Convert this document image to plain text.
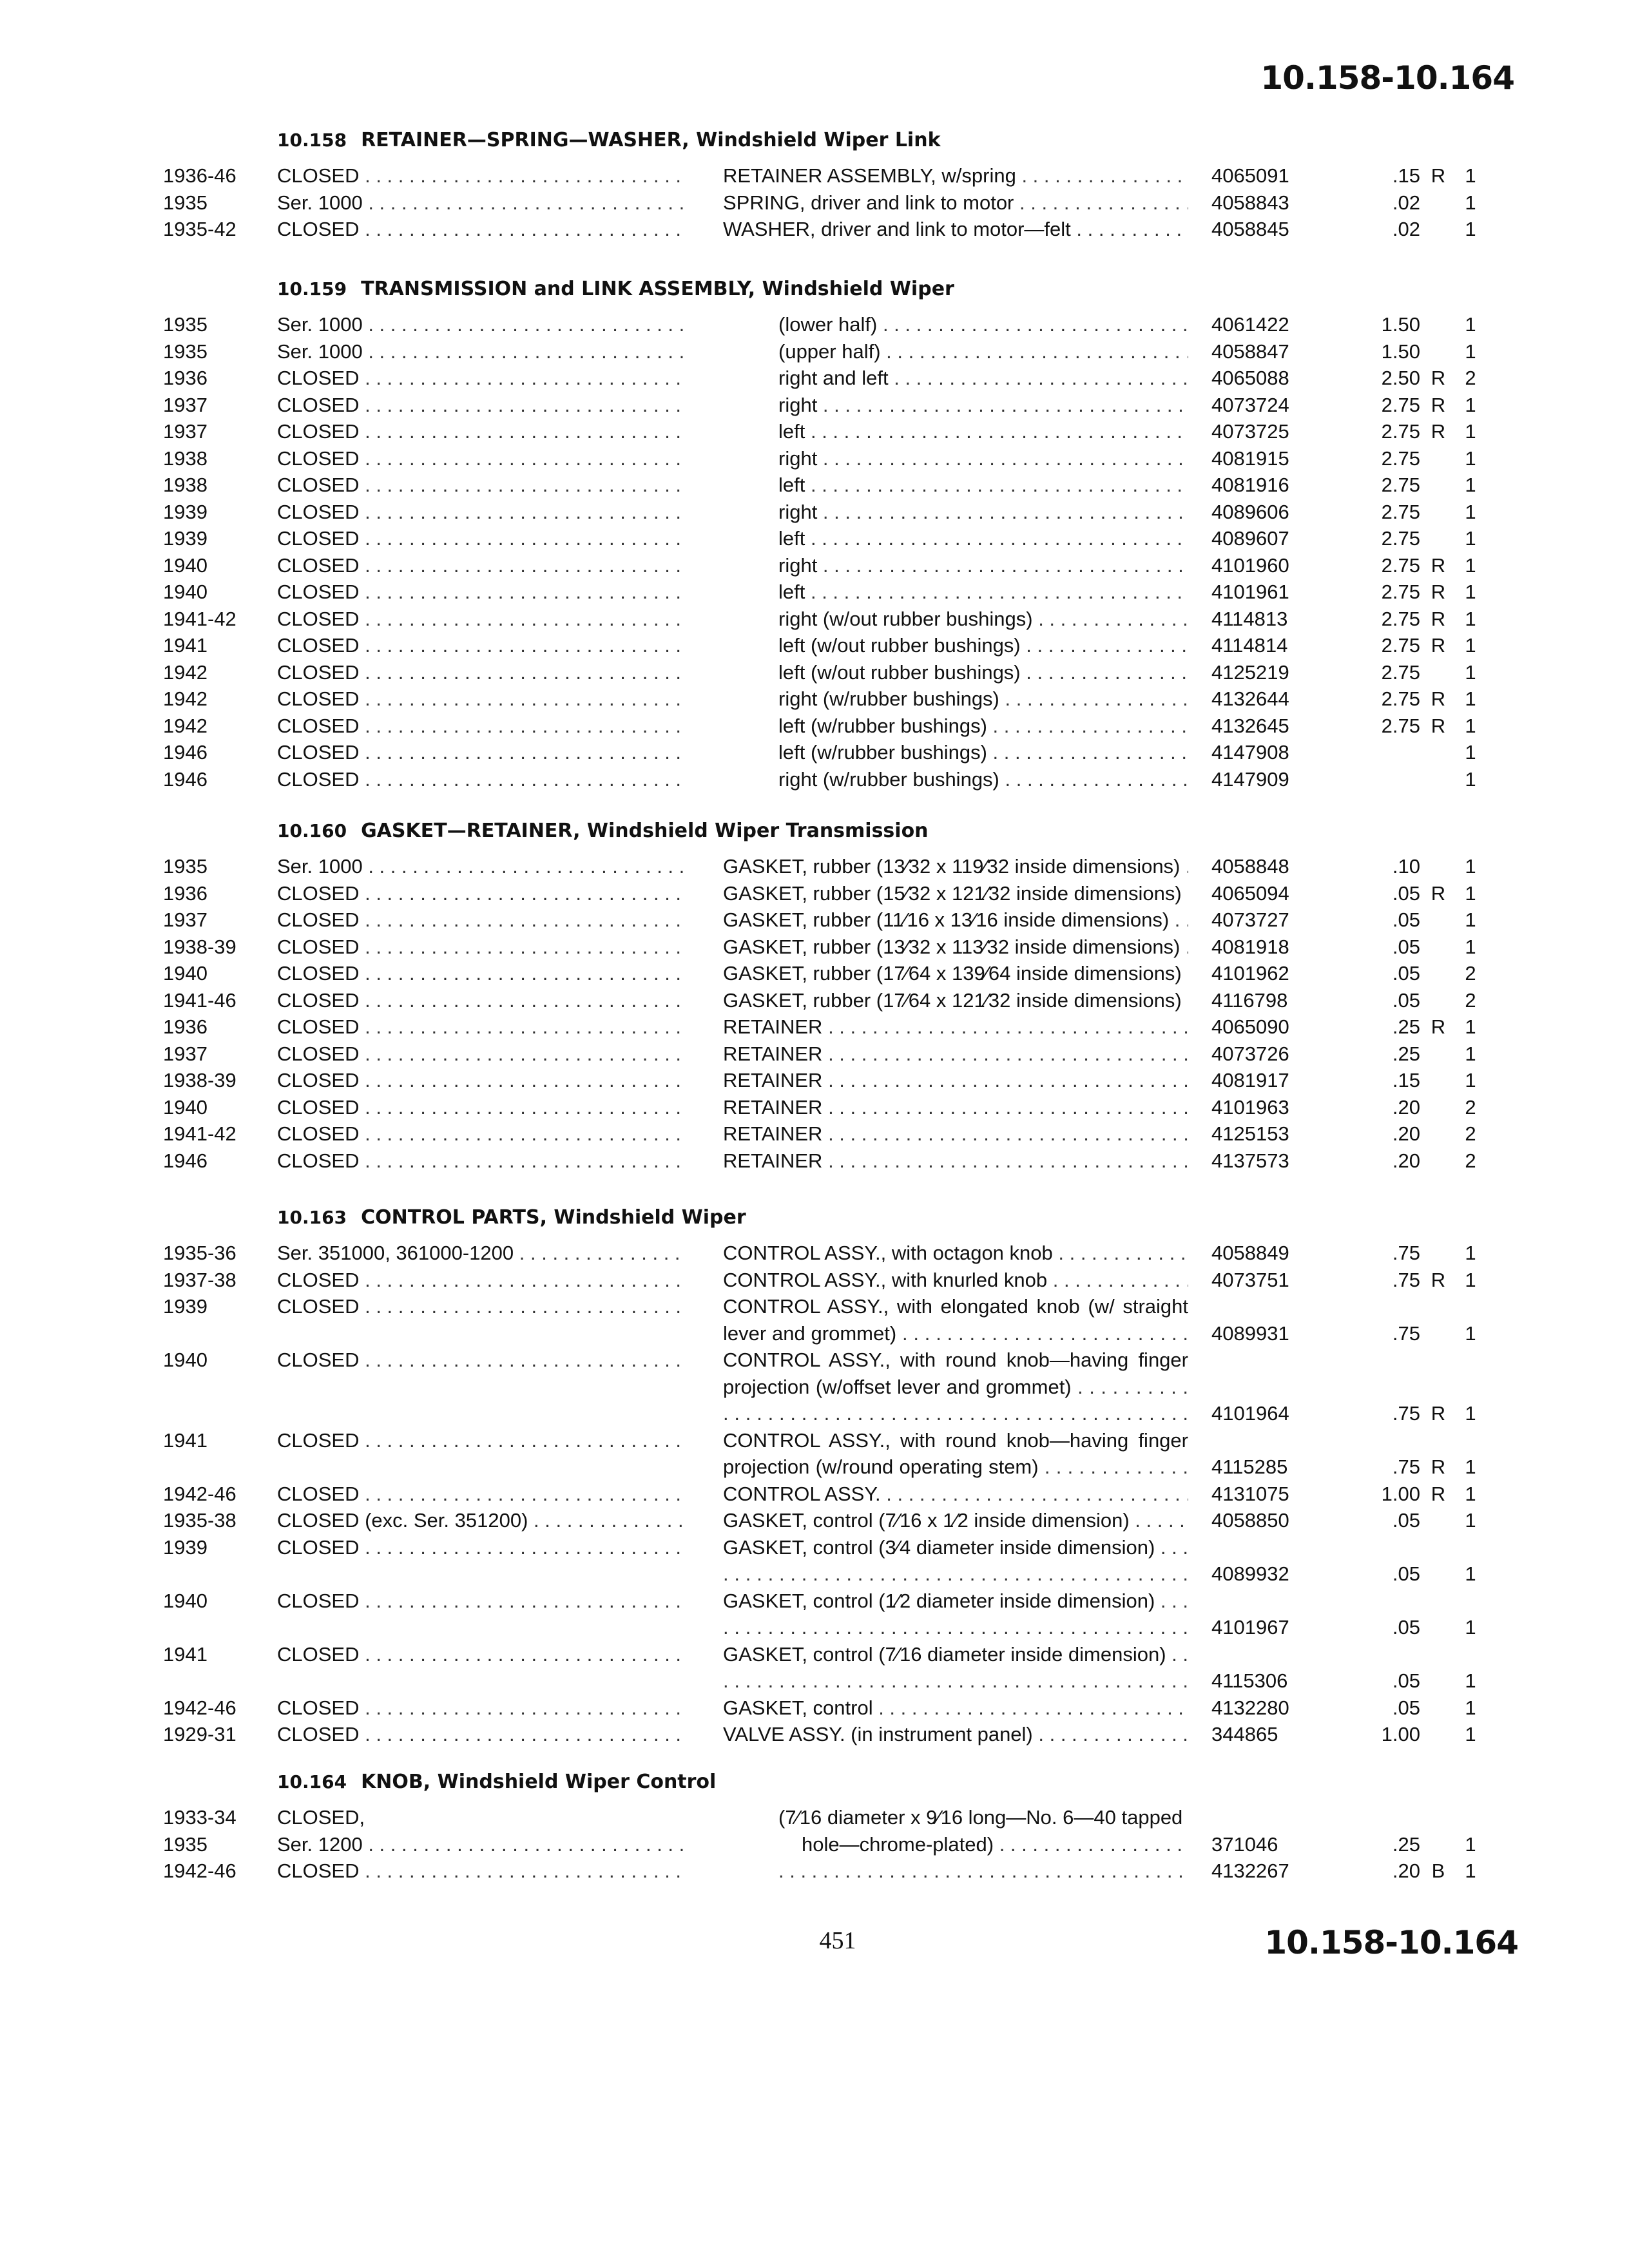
10.158-10.164
10.158 RETAINER—SPRING—WASHER, Windshield Wiper Link
1936-46	CLOSED . . .	RETAINER ASSEMBLY, w/spring . . .	4065091	.15 R 1
1935	Ser. 1000 . . .	SPRING, driver and link to motor . . .	4058843	.02	1
1935-42	CLOSED . . .	WASHER, driver and link to motor—felt . . .	4058845	.02	1
10.159 TRANSMISSION and LINK ASSEMBLY, Windshield Wiper
1935	Ser. 1000 . . .	(lower half) . . .	4061422	1.50	1
1935	Ser. 1000 . . .	(upper half) . . .	4058847	1.50	1
1936	CLOSED . . .	right and left . . .	4065088	2.50 R 2
1937	CLOSED . . .	right . . .	4073724	2.75 R 1
1937	CLOSED . . .	left . . .	4073725	2.75 R 1
1938	CLOSED . . .	right . . .	4081915	2.75	1
1938	CLOSED . . .	left . . .	4081916	2.75	1
1939	CLOSED . . .	right . . .	4089606	2.75	1
1939	CLOSED . . .	left . . .	4089607	2.75	1
1940	CLOSED . . .	right . . .	4101960	2.75 R 1
1940	CLOSED . . .	left . . .	4101961	2.75 R 1
1941-42	CLOSED . . .	right (w/out rubber bushings) . . .	4114813	2.75 R 1
1941	CLOSED . . .	left (w/out rubber bushings) . . .	4114814	2.75 R 1
1942	CLOSED . . .	left (w/out rubber bushings) . . .	4125219	2.75	1
1942	CLOSED . . .	right (w/rubber bushings) . . .	4132644	2.75 R 1
1942	CLOSED . . .	left (w/rubber bushings) . . .	4132645	2.75 R 1
1946	CLOSED . . .	left (w/rubber bushings) . . .	4147908	1
1946	CLOSED . . .	right (w/rubber bushings) . . .	4147909	1
10.160 GASKET—RETAINER, Windshield Wiper Transmission
1935	Ser. 1000 . . .	GASKET, rubber (13⁄32 x 119⁄32 inside dimensions) . . .	4058848	.10	1
1936	CLOSED . . .	GASKET, rubber (15⁄32 x 121⁄32 inside dimensions) . . .	4065094	.05 R 1
1937	CLOSED . . .	GASKET, rubber (11⁄16 x 13⁄16 inside dimensions) . . .	4073727	.05	1
1938-39	CLOSED . . .	GASKET, rubber (13⁄32 x 113⁄32 inside dimensions) . . .	4081918	.05	1
1940	CLOSED . . .	GASKET, rubber (17⁄64 x 139⁄64 inside dimensions) . . .	4101962	.05	2
1941-46	CLOSED . . .	GASKET, rubber (17⁄64 x 121⁄32 inside dimensions) . . .	4116798	.05	2
1936	CLOSED . . .	RETAINER . . .	4065090	.25 R 1
1937	CLOSED . . .	RETAINER . . .	4073726	.25	1
1938-39	CLOSED . . .	RETAINER . . .	4081917	.15	1
1940	CLOSED . . .	RETAINER . . .	4101963	.20	2
1941-42	CLOSED . . .	RETAINER . . .	4125153	.20	2
1946	CLOSED . . .	RETAINER . . .	4137573	.20	2
10.163 CONTROL PARTS, Windshield Wiper
1935-36	Ser. 351000, 361000-1200 . . .	CONTROL ASSY., with octagon knob . . .	4058849	.75	1
1937-38	CLOSED . . .	CONTROL ASSY., with knurled knob . . .	4073751	.75 R 1
1939	CLOSED . . .	CONTROL ASSY., with elongated knob (w/ straight lever and grommet) . . .	4089931	.75	1
1940	CLOSED . . .	CONTROL ASSY., with round knob—having finger projection (w/offset lever and grommet) . . .
4101964	.75 R 1
1941	CLOSED . . .	CONTROL ASSY., with round knob—having finger projection (w/round operating stem) . . .	4115285	.75 R 1
1942-46	CLOSED . . .	CONTROL ASSY. . . .	4131075	1.00 R 1
1935-38	CLOSED (exc. Ser. 351200) . . .	GASKET, control (7⁄16 x 1⁄2 inside dimension) . . .	4058850	.05	1
1939	CLOSED . . .	GASKET, control (3⁄4 diameter inside dimension) . . .
4089932	.05	1
1940	CLOSED . . .	GASKET, control (1⁄2 diameter inside dimension) . . .
4101967	.05	1
1941	CLOSED . . .	GASKET, control (7⁄16 diameter inside dimension) . . .
4115306	.05	1
1942-46	CLOSED . . .	GASKET, control . . .	4132280	.05	1
1929-31	CLOSED . . .	VALVE ASSY. (in instrument panel) . . .	344865	1.00	1
10.164 KNOB, Windshield Wiper Control
1933-34	CLOSED,	(7⁄16 diameter x 9⁄16 long—No. 6—40 tapped
1935	Ser. 1200 . . .	hole—chrome-plated) . . .	371046	.25	1
1942-46	CLOSED . . . . . .	4132267	.20 B	1
451	10.158-10.164
